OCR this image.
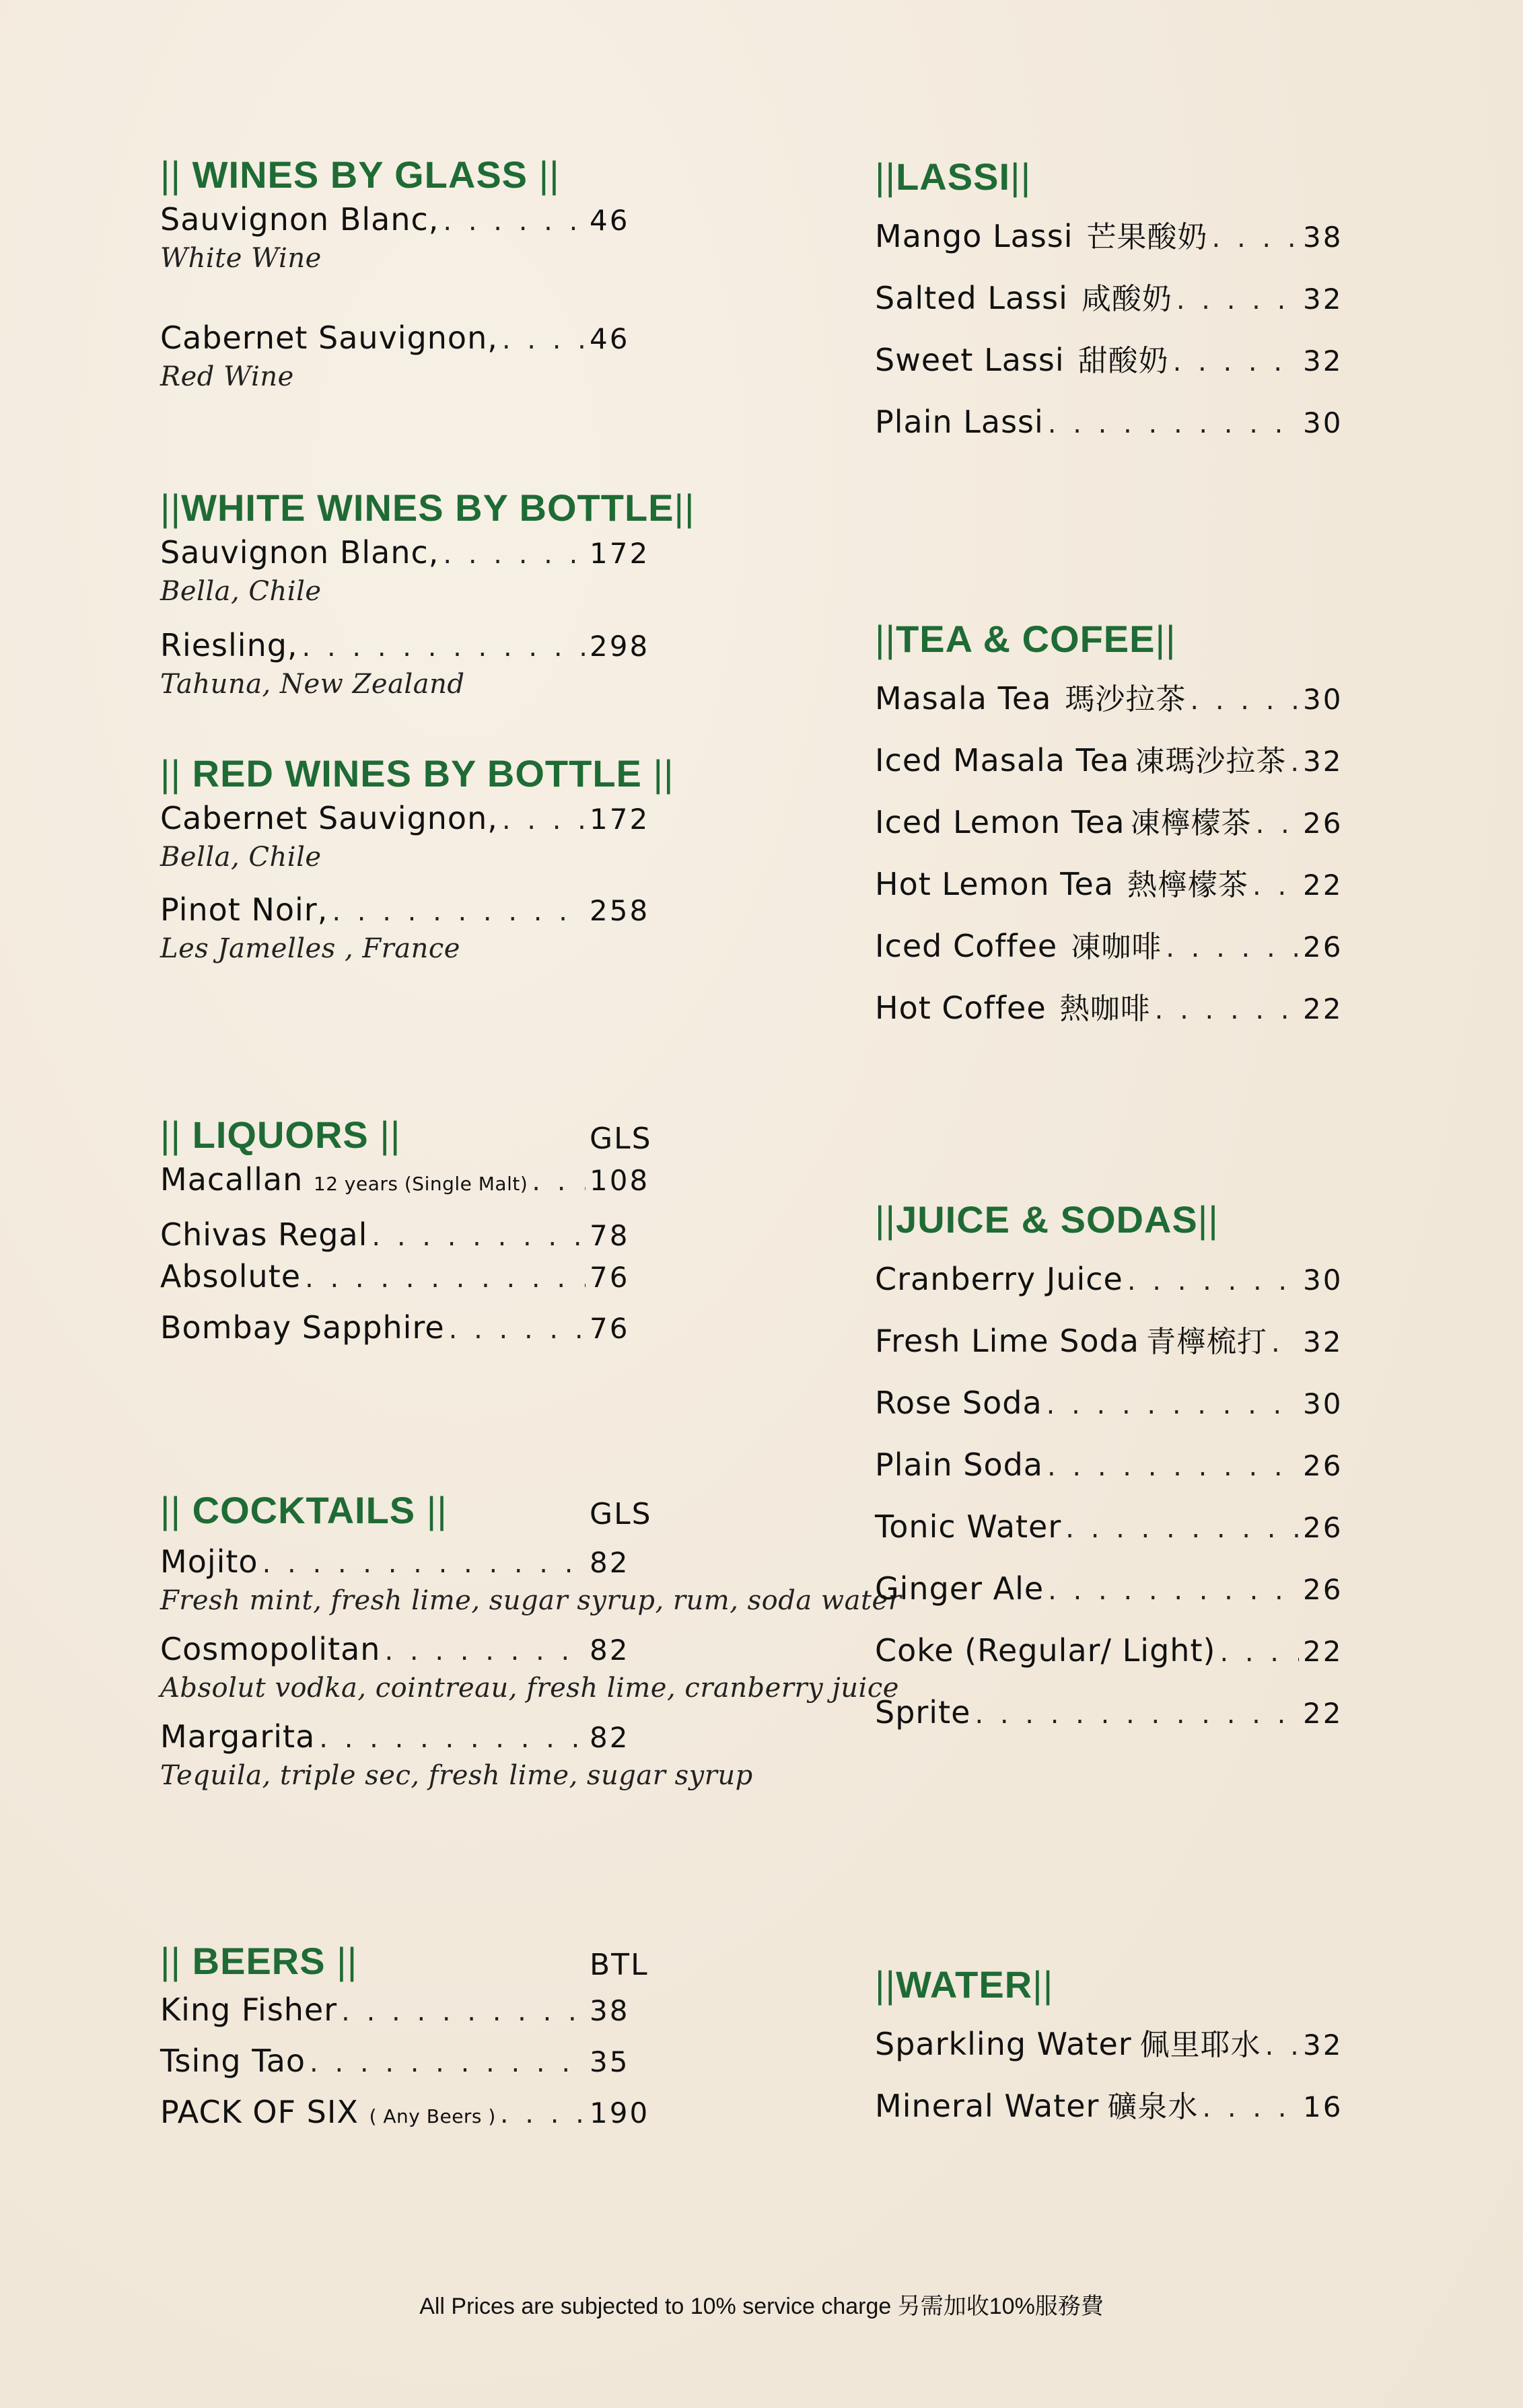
|| WINES BY GLASS ||
Sauvignon Blanc, . . .	46
White Wine
Cabernet Sauvignon, . . .	46
Red Wine
||WHITE WINES BY BOTTLE||
Sauvignon Blanc, . . .	172
Bella, Chile
Riesling, . . .	298
Tahuna, New Zealand
|| RED WINES BY BOTTLE ||
Cabernet Sauvignon, . . .	172
Bella, Chile
Pinot Noir, . . .	258
Les Jamelles , France
|| LIQUORS ||	GLS
Macallan 12 years (Single Malt) . . . 108
Chivas Regal . . .	78
Absolute . . .	76
Bombay Sapphire . . .	76
|| COCKTAILS ||	GLS
Mojito . . .	82
Fresh mint, fresh lime, sugar syrup, rum, soda water
Cosmopolitan . . .	82
Absolut vodka, cointreau, fresh lime, cranberry juice
Margarita . . .	82
Tequila, triple sec, fresh lime, sugar syrup
|| BEERS ||	BTL
King Fisher . . .	38
Tsing Tao . . .	35
PACK OF SIX ( Any Beers ) . . .	190
||LASSI||
Mango Lassi 芒果酸奶 . . .	38
Salted Lassi 咸酸奶 . . .	32
Sweet Lassi 甜酸奶 . . .	32
Plain Lassi . . .	30
||TEA & COFEE||
Masala Tea 瑪沙拉茶 . . .	30
Iced Masala Tea 凍瑪沙拉茶 . . . 32
Iced Lemon Tea 凍檸檬茶 . . . 26
Hot Lemon Tea 熱檸檬茶 . . . 22
Iced Coffee 凍咖啡 . . .	26
Hot Coffee 熱咖啡 . . .	22
||JUICE & SODAS||
Cranberry Juice . . .	30
Fresh Lime Soda 青檸梳打 . . . 32
Rose Soda . . .	30
Plain Soda . . .	26
Tonic Water . . .	26
Ginger Ale . . .	26
Coke (Regular/ Light) . . .	22
Sprite . . .	22
||WATER||
Sparkling Water 佩里耶水 . . . 32
Mineral Water 礦泉水 . . .	16
All Prices are subjected to 10% service charge 另需加收10%服務費
